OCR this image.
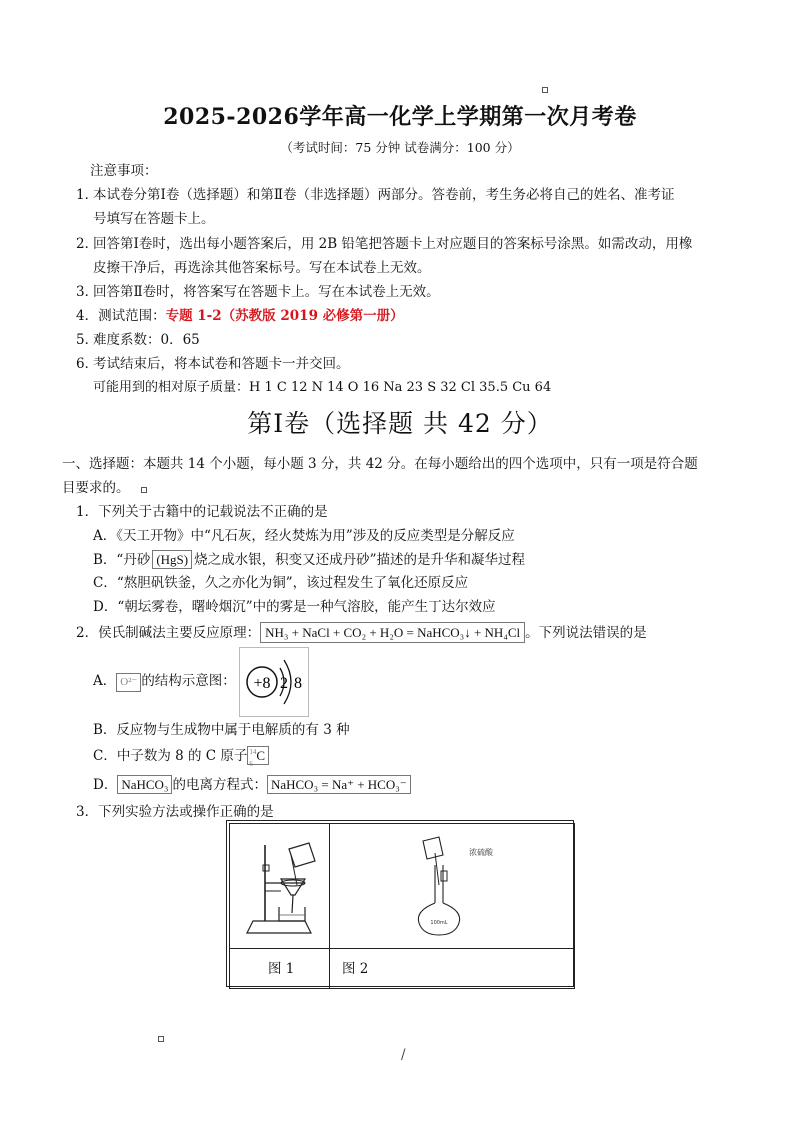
2025-2026学年高一化学上学期第一次月考卷
（考试时间：75 分钟 试卷满分：100 分）
注意事项：
1．
本试卷分第Ⅰ卷（选择题）和第Ⅱ卷（非选择题）两部分。答卷前，考生务必将自己的姓名、准考证
号填写在答题卡上。
2．
回答第Ⅰ卷时，选出每小题答案后，用 2B 铅笔把答题卡上对应题目的答案标号涂黑。如需改动，用橡
皮擦干净后，再选涂其他答案标号。写在本试卷上无效。
3．
回答第Ⅱ卷时，将答案写在答题卡上。写在本试卷上无效。
4．测试范围：专题 1-2（苏教版 2019 必修第一册）
5．
难度系数：0．65
6．
考试结束后，将本试卷和答题卡一并交回。
可能用到的相对原子质量：H 1 C 12 N 14 O 16 Na 23 S 32 Cl 35.5 Cu 64
第Ⅰ卷（选择题 共 42 分）
一、选择题：本题共 14 个小题，每小题 3 分，共 42 分。在每小题给出的四个选项中，只有一项是符合题
目要求的。
1．下列关于古籍中的记载说法不正确的是
A．《天工开物》中“凡石灰，经火焚炼为用”涉及的反应类型是分解反应
B．“丹砂 (HgS) 烧之成水银，积变又还成丹砂”描述的是升华和凝华过程
C．“熬胆矾铁釜，久之亦化为铜”，该过程发生了氧化还原反应
D．“朝坛雾卷，曙岭烟沉”中的雾是一种气溶胶，能产生丁达尔效应
2．侯氏制碱法主要反应原理： NH₃ + NaCl + CO₂ + H₂O = NaHCO₃↓ + NH₄Cl 。下列说法错误的是
A． O²⁻ 的结构示意图： +8 2 8
B．反应物与生成物中属于电解质的有 3 种
C．中子数为 8 的 C 原子 14
6
C
D． NaHCO₃ 的电离方程式： NaHCO₃ = Na⁺ + HCO₃⁻
3．下列实验方法或操作正确的是

100mL
浓硫酸

图 1	图 2
/
